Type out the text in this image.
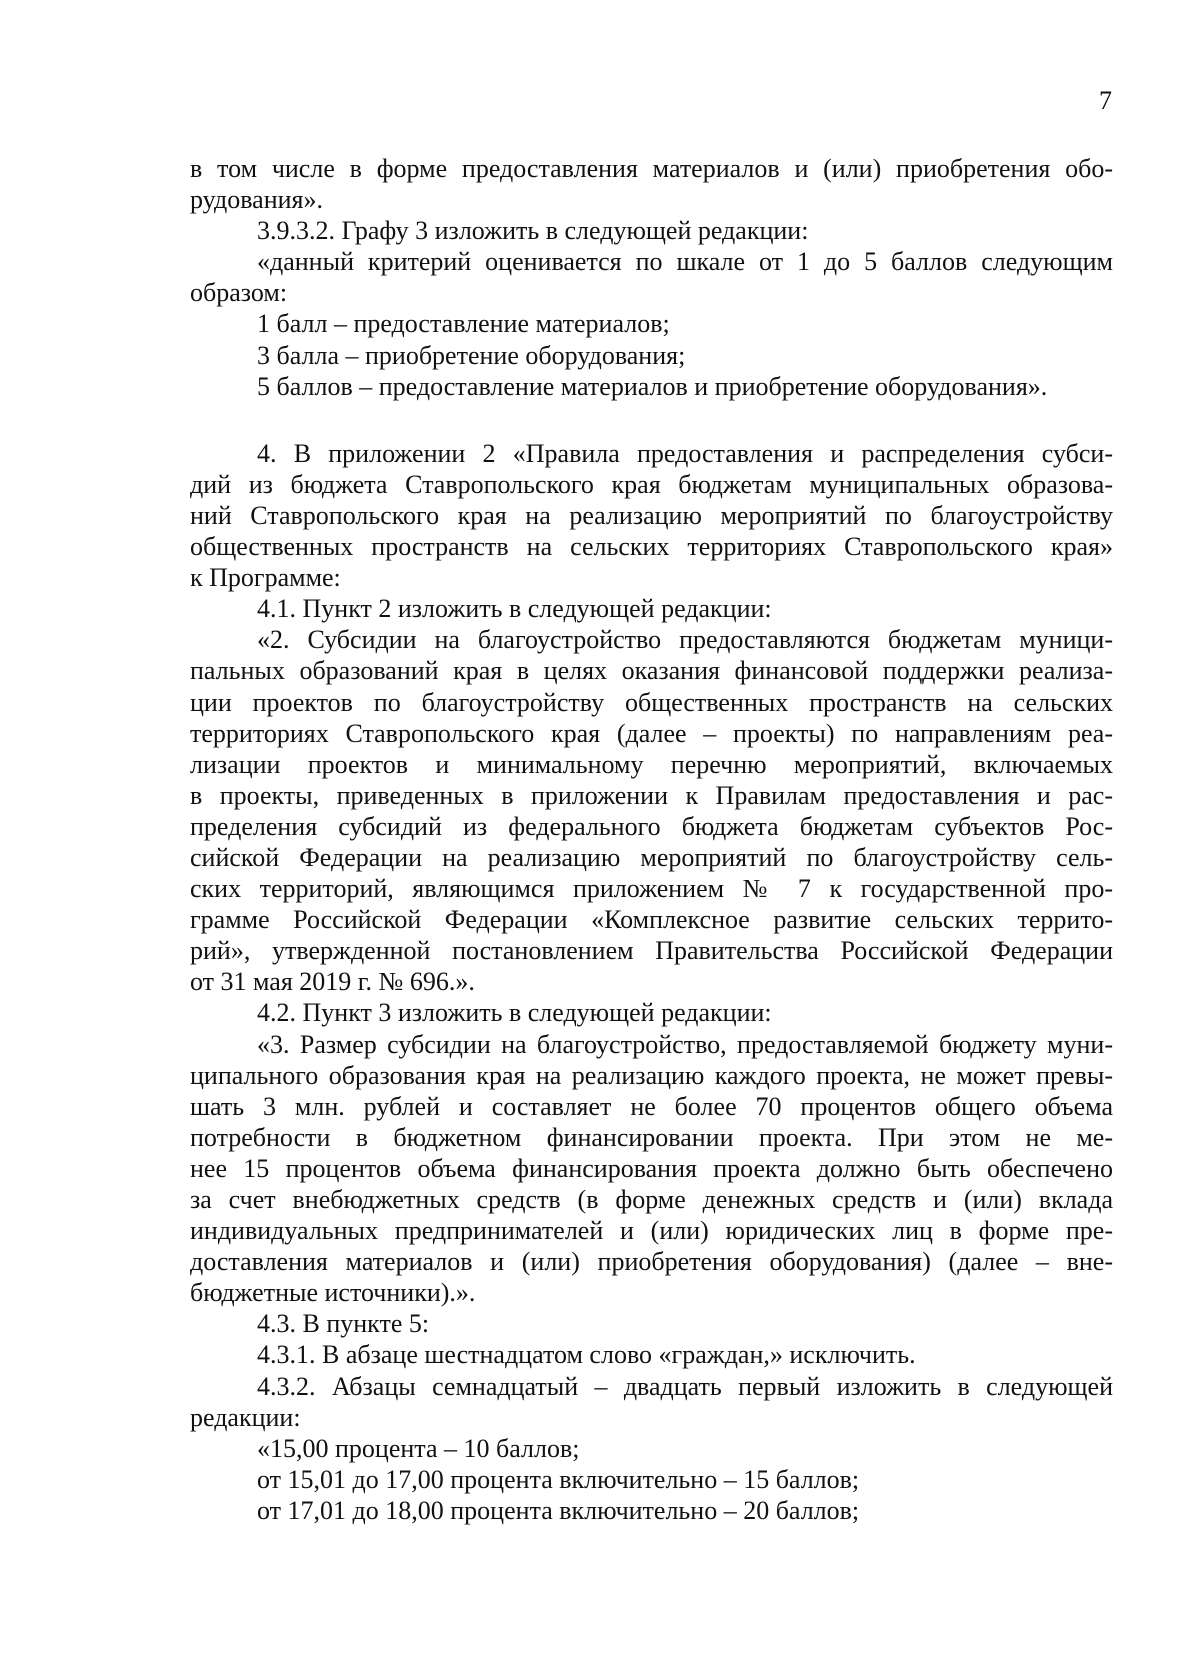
7
в том числе в форме предоставления материалов и (или) приобретения обо-
рудования».
3.9.3.2. Графу 3 изложить в следующей редакции:
«данный критерий оценивается по шкале от 1 до 5 баллов следующим
образом:
1 балл – предоставление материалов;
3 балла – приобретение оборудования;
5 баллов – предоставление материалов и приобретение оборудования».
4. В приложении 2 «Правила предоставления и распределения субси-
дий из бюджета Ставропольского края бюджетам муниципальных образова-
ний Ставропольского края на реализацию мероприятий по благоустройству
общественных пространств на сельских территориях Ставропольского края»
к Программе:
4.1. Пункт 2 изложить в следующей редакции:
«2. Субсидии на благоустройство предоставляются бюджетам муници-
пальных образований края в целях оказания финансовой поддержки реализа-
ции проектов по благоустройству общественных пространств на сельских
территориях Ставропольского края (далее – проекты) по направлениям реа-
лизации проектов и минимальному перечню мероприятий, включаемых
в проекты, приведенных в приложении к Правилам предоставления и рас-
пределения субсидий из федерального бюджета бюджетам субъектов Рос-
сийской Федерации на реализацию мероприятий по благоустройству сель-
ских территорий, являющимся приложением № 7 к государственной про-
грамме Российской Федерации «Комплексное развитие сельских террито-
рий», утвержденной постановлением Правительства Российской Федерации
от 31 мая 2019 г. № 696.».
4.2. Пункт 3 изложить в следующей редакции:
«3. Размер субсидии на благоустройство, предоставляемой бюджету муни-
ципального образования края на реализацию каждого проекта, не может превы-
шать 3 млн. рублей и составляет не более 70 процентов общего объема
потребности в бюджетном финансировании проекта. При этом не ме-
нее 15 процентов объема финансирования проекта должно быть обеспечено
за счет внебюджетных средств (в форме денежных средств и (или) вклада
индивидуальных предпринимателей и (или) юридических лиц в форме пре-
доставления материалов и (или) приобретения оборудования) (далее – вне-
бюджетные источники).».
4.3. В пункте 5:
4.3.1. В абзаце шестнадцатом слово «граждан,» исключить.
4.3.2. Абзацы семнадцатый – двадцать первый изложить в следующей
редакции:
«15,00 процента – 10 баллов;
от 15,01 до 17,00 процента включительно – 15 баллов;
от 17,01 до 18,00 процента включительно – 20 баллов;
